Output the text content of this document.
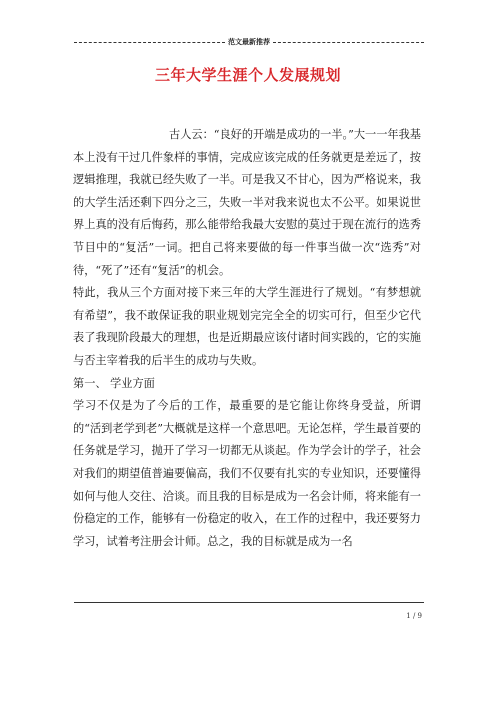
范文最新推荐
三年大学生涯个人发展规划

古人云：“良好的开端是成功的一半。”大一一年我基本上没有干过几件象样的事情，完成应该完成的任务就更是差远了，按逻辑推理，我就已经失败了一半。可是我又不甘心，因为严格说来，我的大学生活还剩下四分之三，失败一半对我来说也太不公平。如果说世界上真的没有后悔药，那么能带给我最大安慰的莫过于现在流行的选秀节目中的“复活”一词。把自己将来要做的每一件事当做一次“选秀”对待，“死了”还有“复活”的机会。

特此，我从三个方面对接下来三年的大学生涯进行了规划。“有梦想就有希望”，我不敢保证我的职业规划完完全全的切实可行，但至少它代表了我现阶段最大的理想，也是近期最应该付诸时间实践的，它的实施与否主宰着我的后半生的成功与失败。

第一、 学业方面

学习不仅是为了今后的工作，最重要的是它能让你终身受益，所谓的“活到老学到老”大概就是这样一个意思吧。无论怎样，学生最首要的任务就是学习，抛开了学习一切都无从谈起。作为学会计的学子，社会对我们的期望值普遍要偏高，我们不仅要有扎实的专业知识，还要懂得如何与他人交往、洽谈。而且我的目标是成为一名会计师，将来能有一份稳定的工作，能够有一份稳定的收入，在工作的过程中，我还要努力学习，试着考注册会计师。总之，我的目标就是成为一名

1 / 9
